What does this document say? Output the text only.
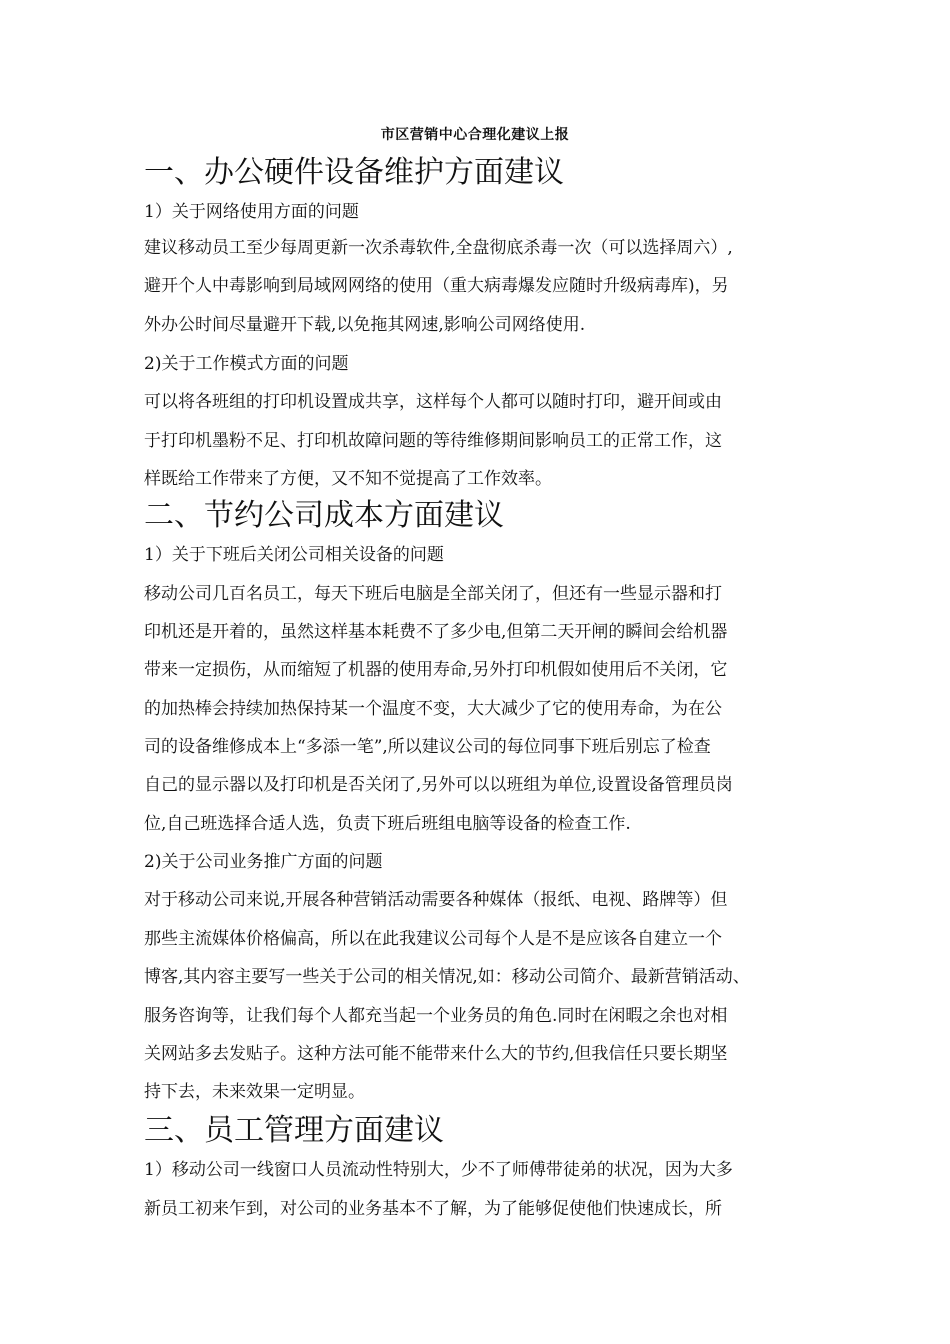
市区营销中心合理化建议上报
一、办公硬件设备维护方面建议
1）关于网络使用方面的问题
建议移动员工至少每周更新一次杀毒软件,全盘彻底杀毒一次（可以选择周六）,
避开个人中毒影响到局域网网络的使用（重大病毒爆发应随时升级病毒库)，另
外办公时间尽量避开下载,以免拖其网速,影响公司网络使用.
2)关于工作模式方面的问题
可以将各班组的打印机设置成共享，这样每个人都可以随时打印，避开间或由
于打印机墨粉不足、打印机故障问题的等待维修期间影响员工的正常工作，这
样既给工作带来了方便，又不知不觉提高了工作效率。
二、节约公司成本方面建议
1）关于下班后关闭公司相关设备的问题
移动公司几百名员工，每天下班后电脑是全部关闭了，但还有一些显示器和打
印机还是开着的，虽然这样基本耗费不了多少电,但第二天开闸的瞬间会给机器
带来一定损伤，从而缩短了机器的使用寿命,另外打印机假如使用后不关闭，它
的加热棒会持续加热保持某一个温度不变，大大减少了它的使用寿命，为在公
司的设备维修成本上“多添一笔”,所以建议公司的每位同事下班后别忘了检查
自己的显示器以及打印机是否关闭了,另外可以以班组为单位,设置设备管理员岗
位,自己班选择合适人选，负责下班后班组电脑等设备的检查工作.
2)关于公司业务推广方面的问题
对于移动公司来说,开展各种营销活动需要各种媒体（报纸、电视、路牌等）但
那些主流媒体价格偏高，所以在此我建议公司每个人是不是应该各自建立一个
博客,其内容主要写一些关于公司的相关情况,如：移动公司简介、最新营销活动、
服务咨询等，让我们每个人都充当起一个业务员的角色.同时在闲暇之余也对相
关网站多去发贴子。这种方法可能不能带来什么大的节约,但我信任只要长期坚
持下去，未来效果一定明显。
三、员工管理方面建议
1）移动公司一线窗口人员流动性特别大，少不了师傅带徒弟的状况，因为大多
新员工初来乍到，对公司的业务基本不了解，为了能够促使他们快速成长，所
